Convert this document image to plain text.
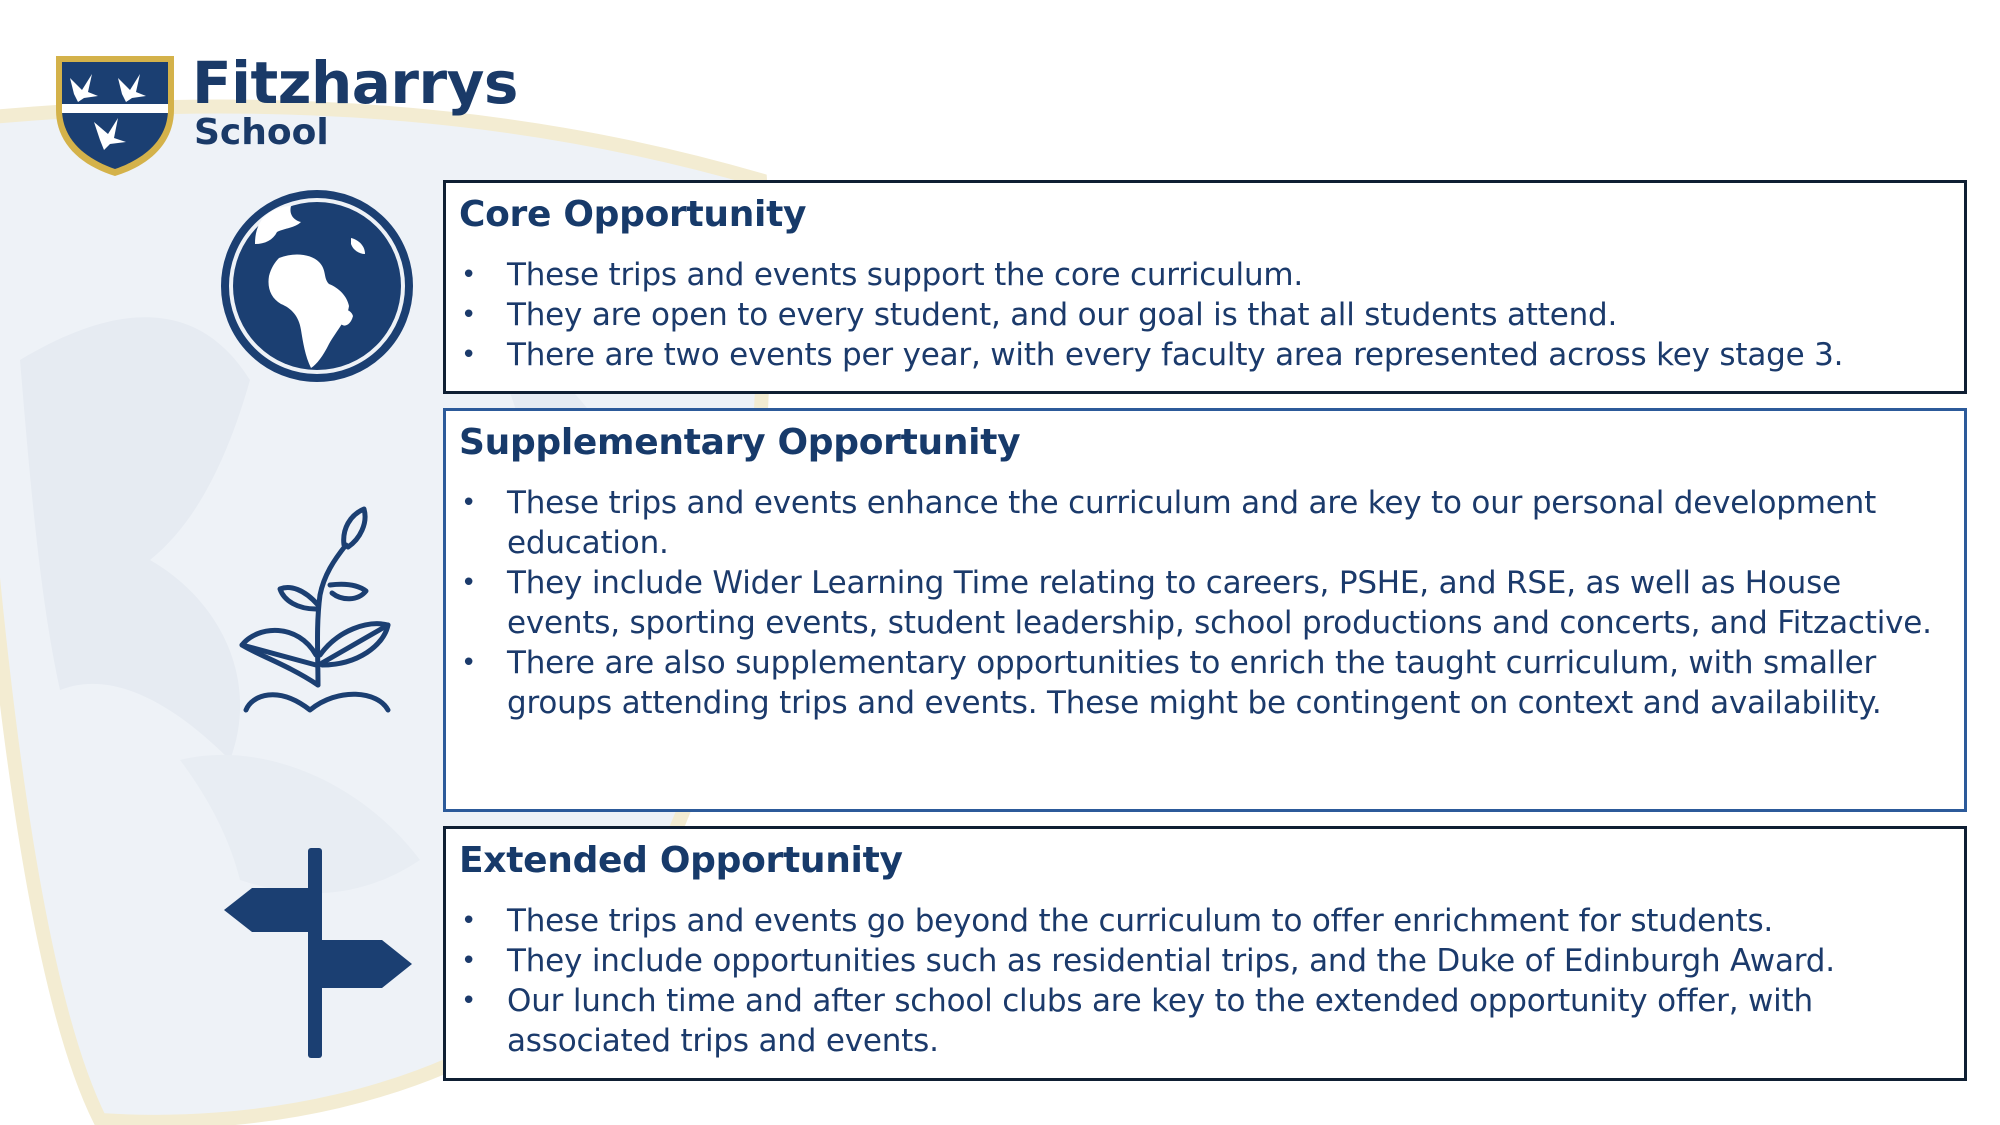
Fitzharrys
School
Core Opportunity
• These trips and events support the core curriculum.
• They are open to every student, and our goal is that all students attend.
• There are two events per year, with every faculty area represented across key stage 3.
Supplementary Opportunity
• These trips and events enhance the curriculum and are key to our personal development education.
• They include Wider Learning Time relating to careers, PSHE, and RSE, as well as House events, sporting events, student leadership, school productions and concerts, and Fitzactive.
• There are also supplementary opportunities to enrich the taught curriculum, with smaller groups attending trips and events. These might be contingent on context and availability.
Extended Opportunity
• These trips and events go beyond the curriculum to offer enrichment for students.
• They include opportunities such as residential trips, and the Duke of Edinburgh Award.
• Our lunch time and after school clubs are key to the extended opportunity offer, with associated trips and events.
